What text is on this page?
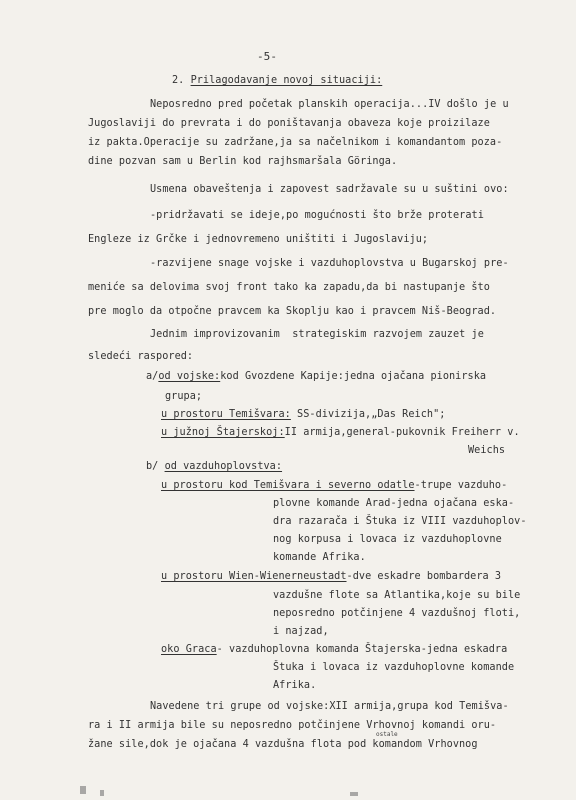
-5-
2. Prilagodavanje novoj situaciji:
Neposredno pred početak planskih operacija...IV došlo je u
Jugoslaviji do prevrata i do poništavanja obaveza koje proizilaze
iz pakta.Operacije su zadržane,ja sa načelnikom i komandantom poza-
dine pozvan sam u Berlin kod rajhsmaršala Göringa.
Usmena obaveštenja i zapovest sadržavale su u suštini ovo:
-pridržavati se ideje,po mogućnosti što brže proterati
Engleze iz Grčke i jednovremeno uništiti i Jugoslaviju;
-razvijene snage vojske i vazduhoplovstva u Bugarskoj pre-
meniće sa delovima svoj front tako ka zapadu,da bi nastupanje što
pre moglo da otpočne pravcem ka Skoplju kao i pravcem Niš-Beograd.
Jednim improvizovanim  strategiskim razvojem zauzet je
sledeći raspored:
a/od vojske:kod Gvozdene Kapije:jedna ojačana pionirska
grupa;
u prostoru Temišvara: SS-divizija,„Das Reich";
u južnoj Štajerskoj:II armija,general-pukovnik Freiherr v.
Weichs
b/ od vazduhoplovstva:
u prostoru kod Temišvara i severno odatle-trupe vazduho-
plovne komande Arad-jedna ojačana eska-
dra razarača i Štuka iz VIII vazduhoplov-
nog korpusa i lovaca iz vazduhoplovne
komande Afrika.
u prostoru Wien-Wienerneustadt-dve eskadre bombardera 3
vazdušne flote sa Atlantika,koje su bile
neposredno potčinjene 4 vazdušnoj floti,
i najzad,
oko Graca- vazduhoplovna komanda Štajerska-jedna eskadra
Štuka i lovaca iz vazduhoplovne komande
Afrika.
Navedene tri grupe od vojske:XII armija,grupa kod Temišva-
ra i II armija bile su neposredno potčinjene Vrhovnoj komandi oru-
žane sile,dok je ojačana 4 vazdušna flota pod komandom Vrhovnog
ostale
